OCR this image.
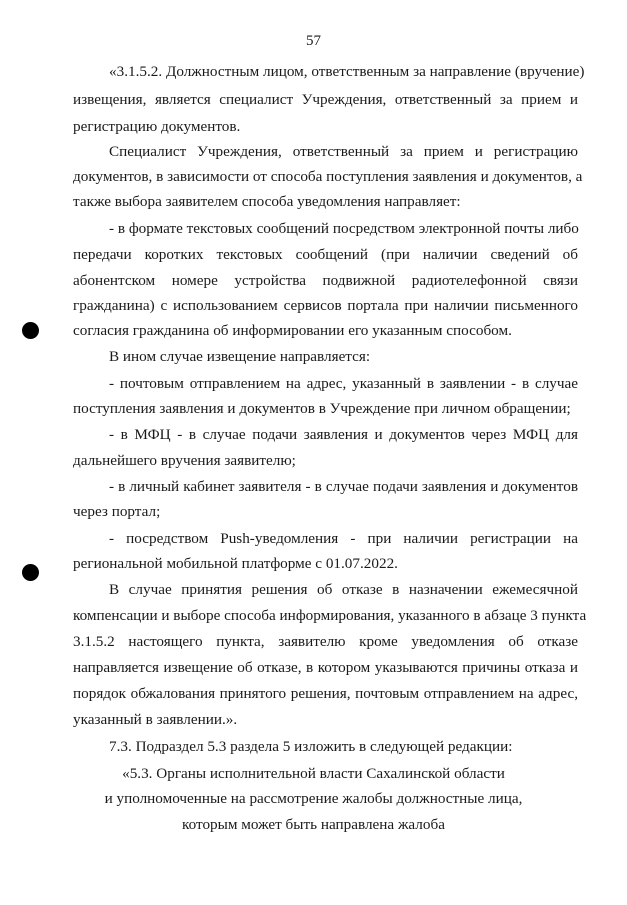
57
«3.1.5.2. Должностным лицом, ответственным за направление (вручение)
извещения, является специалист Учреждения, ответственный за прием и
регистрацию документов.
Специалист Учреждения, ответственный за прием и регистрацию
документов, в зависимости от способа поступления заявления и документов, а
также выбора заявителем способа уведомления направляет:
- в формате текстовых сообщений посредством электронной почты либо
передачи коротких текстовых сообщений (при наличии сведений об
абонентском номере устройства подвижной радиотелефонной связи
гражданина) с использованием сервисов портала при наличии письменного
согласия гражданина об информировании его указанным способом.
В ином случае извещение направляется:
- почтовым отправлением на адрес, указанный в заявлении - в случае
поступления заявления и документов в Учреждение при личном обращении;
- в МФЦ - в случае подачи заявления и документов через МФЦ для
дальнейшего вручения заявителю;
- в личный кабинет заявителя - в случае подачи заявления и документов
через портал;
- посредством Push-уведомления - при наличии регистрации на
региональной мобильной платформе с 01.07.2022.
В случае принятия решения об отказе в назначении ежемесячной
компенсации и выборе способа информирования, указанного в абзаце 3 пункта
3.1.5.2 настоящего пункта, заявителю кроме уведомления об отказе
направляется извещение об отказе, в котором указываются причины отказа и
порядок обжалования принятого решения, почтовым отправлением на адрес,
указанный в заявлении.».
7.3. Подраздел 5.3 раздела 5 изложить в следующей редакции:
«5.3. Органы исполнительной власти Сахалинской области
и уполномоченные на рассмотрение жалобы должностные лица,
которым может быть направлена жалоба
